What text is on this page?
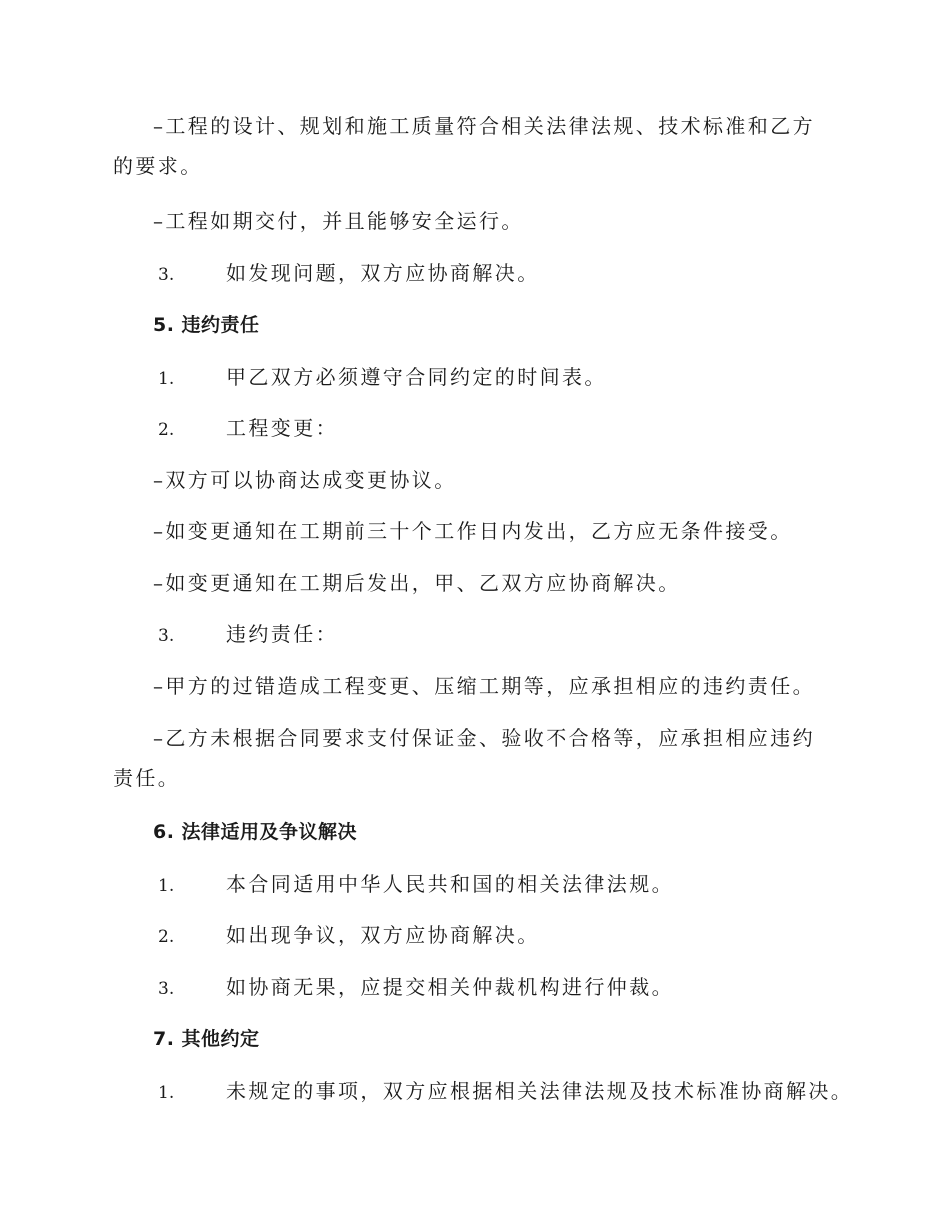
–工程的设计、规划和施工质量符合相关法律法规、技术标准和乙方的要求。
–工程如期交付，并且能够安全运行。
3.	如发现问题，双方应协商解决。
5. 违约责任
1.	甲乙双方必须遵守合同约定的时间表。
2.	工程变更：
–双方可以协商达成变更协议。
–如变更通知在工期前三十个工作日内发出，乙方应无条件接受。
–如变更通知在工期后发出，甲、乙双方应协商解决。
3.	违约责任：
–甲方的过错造成工程变更、压缩工期等，应承担相应的违约责任。
–乙方未根据合同要求支付保证金、验收不合格等，应承担相应违约责任。
6. 法律适用及争议解决
1.	本合同适用中华人民共和国的相关法律法规。
2.	如出现争议，双方应协商解决。
3.	如协商无果，应提交相关仲裁机构进行仲裁。
7. 其他约定
1.	未规定的事项，双方应根据相关法律法规及技术标准协商解决。
